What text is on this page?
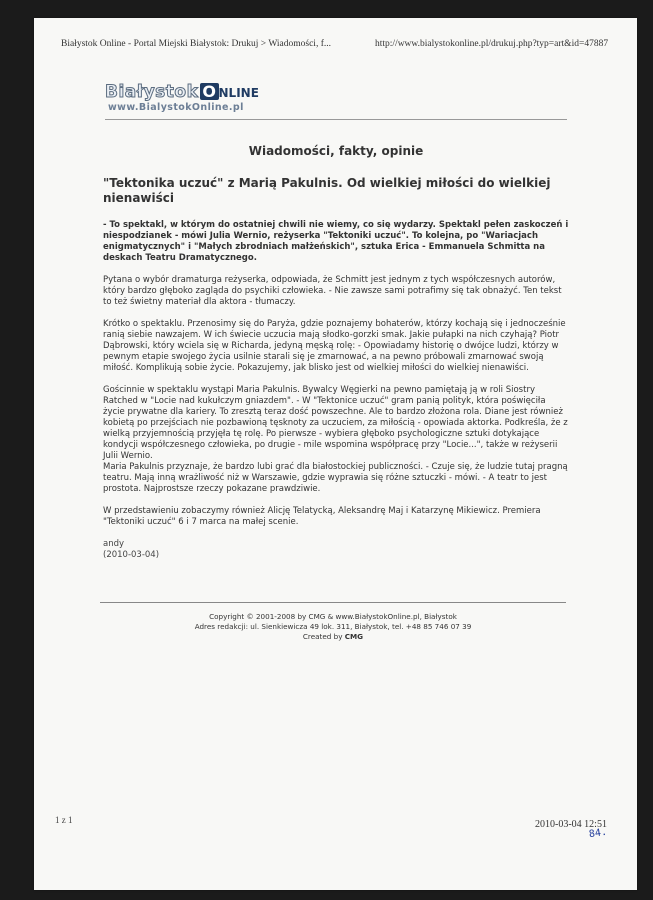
Białystok Online - Portal Miejski Białystok: Drukuj > Wiadomości, f...	http://www.bialystokonline.pl/drukuj.php?typ=art&id=47887
Białystok O NLINE
www.BialystokOnline.pl
Wiadomości, fakty, opinie
"Tektonika uczuć" z Marią Pakulnis. Od wielkiej miłości do wielkiej nienawiści

- To spektakl, w którym do ostatniej chwili nie wiemy, co się wydarzy. Spektakl pełen zaskoczeń i niespodzianek - mówi Julia Wernio, reżyserka "Tektoniki uczuć". To kolejna, po "Wariacjach enigmatycznych" i "Małych zbrodniach małżeńskich", sztuka Erica - Emmanuela Schmitta na deskach Teatru Dramatycznego.

Pytana o wybór dramaturga reżyserka, odpowiada, że Schmitt jest jednym z tych współczesnych autorów, który bardzo głęboko zagląda do psychiki człowieka. - Nie zawsze sami potrafimy się tak obnażyć. Ten tekst to też świetny materiał dla aktora - tłumaczy.

Krótko o spektaklu. Przenosimy się do Paryża, gdzie poznajemy bohaterów, którzy kochają się i jednocześnie ranią siebie nawzajem. W ich świecie uczucia mają słodko-gorzki smak. Jakie pułapki na nich czyhają? Piotr Dąbrowski, który wciela się w Richarda, jedyną męską rolę: - Opowiadamy historię o dwójce ludzi, którzy w pewnym etapie swojego życia usilnie starali się je zmarnować, a na pewno próbowali zmarnować swoją miłość. Komplikują sobie życie. Pokazujemy, jak blisko jest od wielkiej miłości do wielkiej nienawiści.

Gościnnie w spektaklu wystąpi Maria Pakulnis. Bywalcy Węgierki na pewno pamiętają ją w roli Siostry Ratched w "Locie nad kukułczym gniazdem". - W "Tektonice uczuć" gram panią polityk, która poświęciła życie prywatne dla kariery. To zresztą teraz dość powszechne. Ale to bardzo złożona rola. Diane jest również kobietą po przejściach nie pozbawioną tęsknoty za uczuciem, za miłością - opowiada aktorka. Podkreśla, że z wielką przyjemnością przyjęła tę rolę. Po pierwsze - wybiera głęboko psychologiczne sztuki dotykające kondycji współczesnego człowieka, po drugie - mile wspomina współpracę przy "Locie...", także w reżyserii Julii Wernio.

Maria Pakulnis przyznaje, że bardzo lubi grać dla białostockiej publiczności. - Czuje się, że ludzie tutaj pragną teatru. Mają inną wrażliwość niż w Warszawie, gdzie wyprawia się różne sztuczki - mówi. - A teatr to jest prostota. Najprostsze rzeczy pokazane prawdziwie.

W przedstawieniu zobaczymy również Alicję Telatycką, Aleksandrę Maj i Katarzynę Mikiewicz. Premiera "Tektoniki uczuć" 6 i 7 marca na małej scenie.

andy
(2010-03-04)
Copyright © 2001-2008 by CMG & www.BiałystokOnline.pl, Białystok
Adres redakcji: ul. Sienkiewicza 49 lok. 311, Białystok, tel. +48 85 746 07 39
Created by CMG
1 z 1	2010-03-04 12:51
84.
